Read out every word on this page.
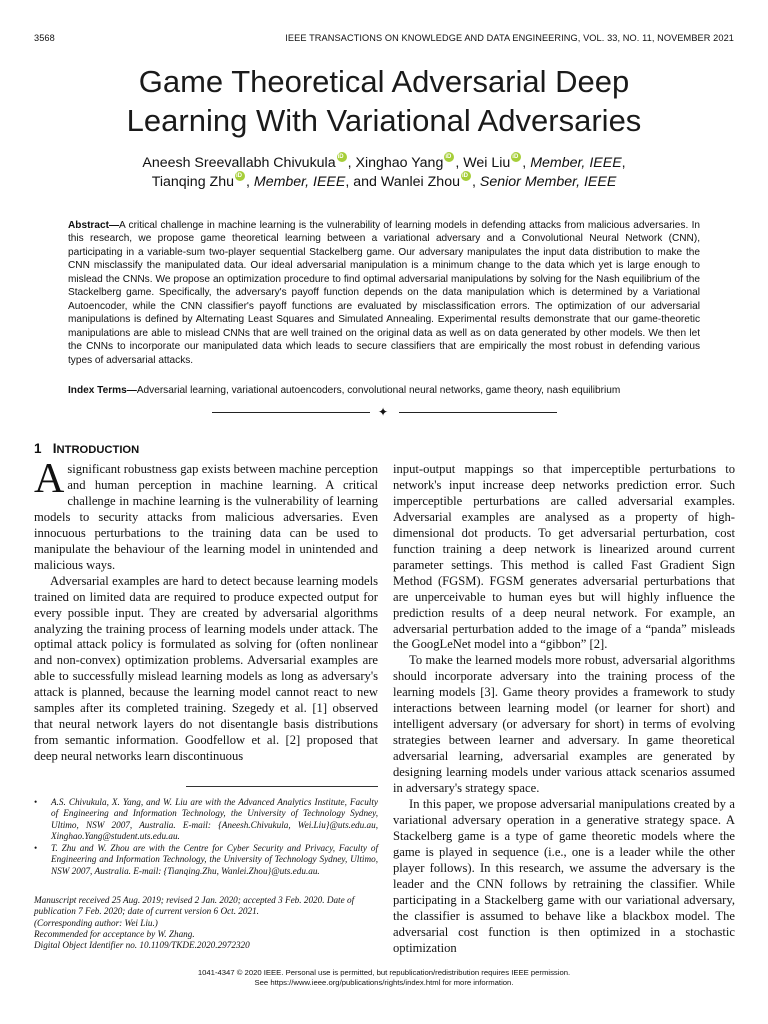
3568	IEEE TRANSACTIONS ON KNOWLEDGE AND DATA ENGINEERING, VOL. 33, NO. 11, NOVEMBER 2021
Game Theoretical Adversarial Deep
Learning With Variational Adversaries
Aneesh Sreevallabh Chivukula iD , Xinghao Yang iD , Wei Liu iD , Member, IEEE,
Tianqing Zhu iD , Member, IEEE, and Wanlei Zhou iD , Senior Member, IEEE
Abstract—A critical challenge in machine learning is the vulnerability of learning models in defending attacks from malicious adversaries. In this research, we propose game theoretical learning between a variational adversary and a Convolutional Neural Network (CNN), participating in a variable-sum two-player sequential Stackelberg game. Our adversary manipulates the input data distribution to make the CNN misclassify the manipulated data. Our ideal adversarial manipulation is a minimum change to the data which yet is large enough to mislead the CNNs. We propose an optimization procedure to find optimal adversarial manipulations by solving for the Nash equilibrium of the Stackelberg game. Specifically, the adversary's payoff function depends on the data manipulation which is determined by a Variational Autoencoder, while the CNN classifier's payoff functions are evaluated by misclassification errors. The optimization of our adversarial manipulations is defined by Alternating Least Squares and Simulated Annealing. Experimental results demonstrate that our game-theoretic manipulations are able to mislead CNNs that are well trained on the original data as well as on data generated by other models. We then let the CNNs to incorporate our manipulated data which leads to secure classifiers that are empirically the most robust in defending various types of adversarial attacks.
Index Terms—Adversarial learning, variational autoencoders, convolutional neural networks, game theory, nash equilibrium
✦
1 INTRODUCTION

Asignificant robustness gap exists between machine perception and human perception in machine learning. A critical challenge in machine learning is the vulnerability of learning models to security attacks from malicious adversaries. Even innocuous perturbations to the training data can be used to manipulate the behaviour of the learning model in unintended and malicious ways.

Adversarial examples are hard to detect because learning models trained on limited data are required to produce expected output for every possible input. They are created by adversarial algorithms analyzing the training process of learning models under attack. The optimal attack policy is formulated as solving for (often nonlinear and non-convex) optimization problems. Adversarial examples are able to successfully mislead learning models as long as adversary's attack is planned, because the learning model cannot react to new samples after its completed training. Szegedy et al. [1] observed that neural network layers do not disentangle basis distributions from semantic information. Goodfellow et al. [2] proposed that deep neural networks learn discontinuous

input-output mappings so that imperceptible perturbations to network's input increase deep networks prediction error. Such imperceptible perturbations are called adversarial examples. Adversarial examples are analysed as a property of high-dimensional dot products. To get adversarial perturbation, cost function training a deep network is linearized around current parameter settings. This method is called Fast Gradient Sign Method (FGSM). FGSM generates adversarial perturbations that are unperceivable to human eyes but will highly influence the prediction results of a deep neural network. For example, an adversarial perturbation added to the image of a “panda” misleads the GoogLeNet model into a “gibbon” [2].

To make the learned models more robust, adversarial algorithms should incorporate adversary into the training process of the learning models [3]. Game theory provides a framework to study interactions between learning model (or learner for short) and intelligent adversary (or adversary for short) in terms of evolving strategies between learner and adversary. In game theoretical adversarial learning, adversarial examples are generated by designing learning models under various attack scenarios assumed in adversary's strategy space.

In this paper, we propose adversarial manipulations created by a variational adversary operation in a generative strategy space. A Stackelberg game is a type of game theoretic models where the game is played in sequence (i.e., one is a leader while the other player follows). In this research, we assume the adversary is the leader and the CNN follows by retraining the classifier. While participating in a Stackelberg game with our variational adversary, the classifier is assumed to behave like a blackbox model. The adversarial cost function is then optimized in a stochastic optimization

• A.S. Chivukula, X. Yang, and W. Liu are with the Advanced Analytics Institute, Faculty of Engineering and Information Technology, the University of Technology Sydney, Ultimo, NSW 2007, Australia. E-mail: {Aneesh.Chivukula, Wei.Liu}@uts.edu.au, Xinghao.Yang@student.uts.edu.au.
• T. Zhu and W. Zhou are with the Centre for Cyber Security and Privacy, Faculty of Engineering and Information Technology, the University of Technology Sydney, Ultimo, NSW 2007, Australia. E-mail: {Tianqing.Zhu, Wanlei.Zhou}@uts.edu.au.
Manuscript received 25 Aug. 2019; revised 2 Jan. 2020; accepted 3 Feb. 2020. Date of publication 7 Feb. 2020; date of current version 6 Oct. 2021.
(Corresponding author: Wei Liu.)
Recommended for acceptance by W. Zhang.
Digital Object Identifier no. 10.1109/TKDE.2020.2972320
1041-4347 © 2020 IEEE. Personal use is permitted, but republication/redistribution requires IEEE permission.
See https://www.ieee.org/publications/rights/index.html for more information.
